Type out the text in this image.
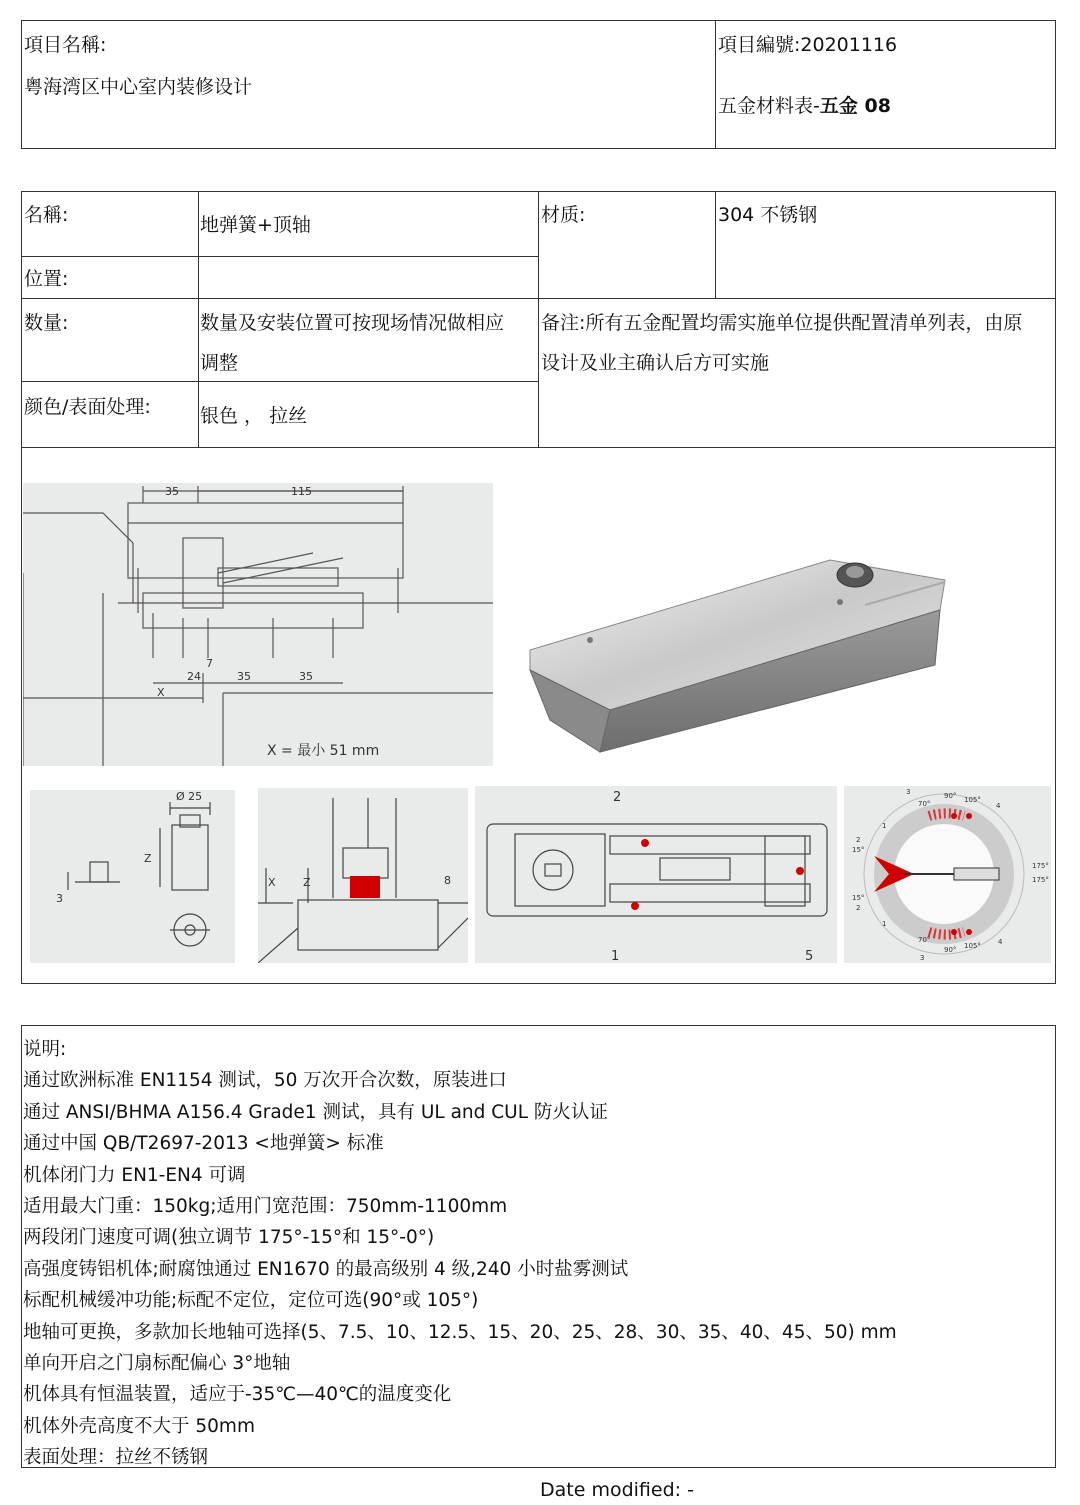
項目名稱:
粤海湾区中心室内装修设计
項目編號:20201116
五金材料表-五金 08
名稱:	地弹簧+顶轴	材质:	304 不锈钢
位置:
数量:	数量及安装位置可按现场情况做相应
调整
备注:所有五金配置均需实施单位提供配置清单列表，由原
设计及业主确认后方可实施
颜色/表面处理:	银色 ， 拉丝
35	115
24
7
35	35
X
X = 最小 51 mm
Ø 25
Z
3
X Z	8
2
1	5
90° 105°
70°
15°
175°
90° 105°
70°
15°
175°
1
2
3
4
1
2
3
4
说明:
通过欧洲标准 EN1154 测试，50 万次开合次数，原装进口
通过 ANSI/BHMA A156.4 Grade1 测试，具有 UL and CUL 防火认证
通过中国 QB/T2697-2013 <地弹簧> 标准
机体闭门力 EN1-EN4 可调
适用最大门重：150kg;适用门宽范围：750mm-1100mm
两段闭门速度可调(独立调节 175°-15°和 15°-0°)
高强度铸铝机体;耐腐蚀通过 EN1670 的最高级别 4 级,240 小时盐雾测试
标配机械缓冲功能;标配不定位，定位可选(90°或 105°)
地轴可更换，多款加长地轴可选择(5、7.5、10、12.5、15、20、25、28、30、35、40、45、50) mm
单向开启之门扇标配偏心 3°地轴
机体具有恒温装置，适应于-35℃—40℃的温度变化
机体外壳高度不大于 50mm
表面处理：拉丝不锈钢
Date modified: -
